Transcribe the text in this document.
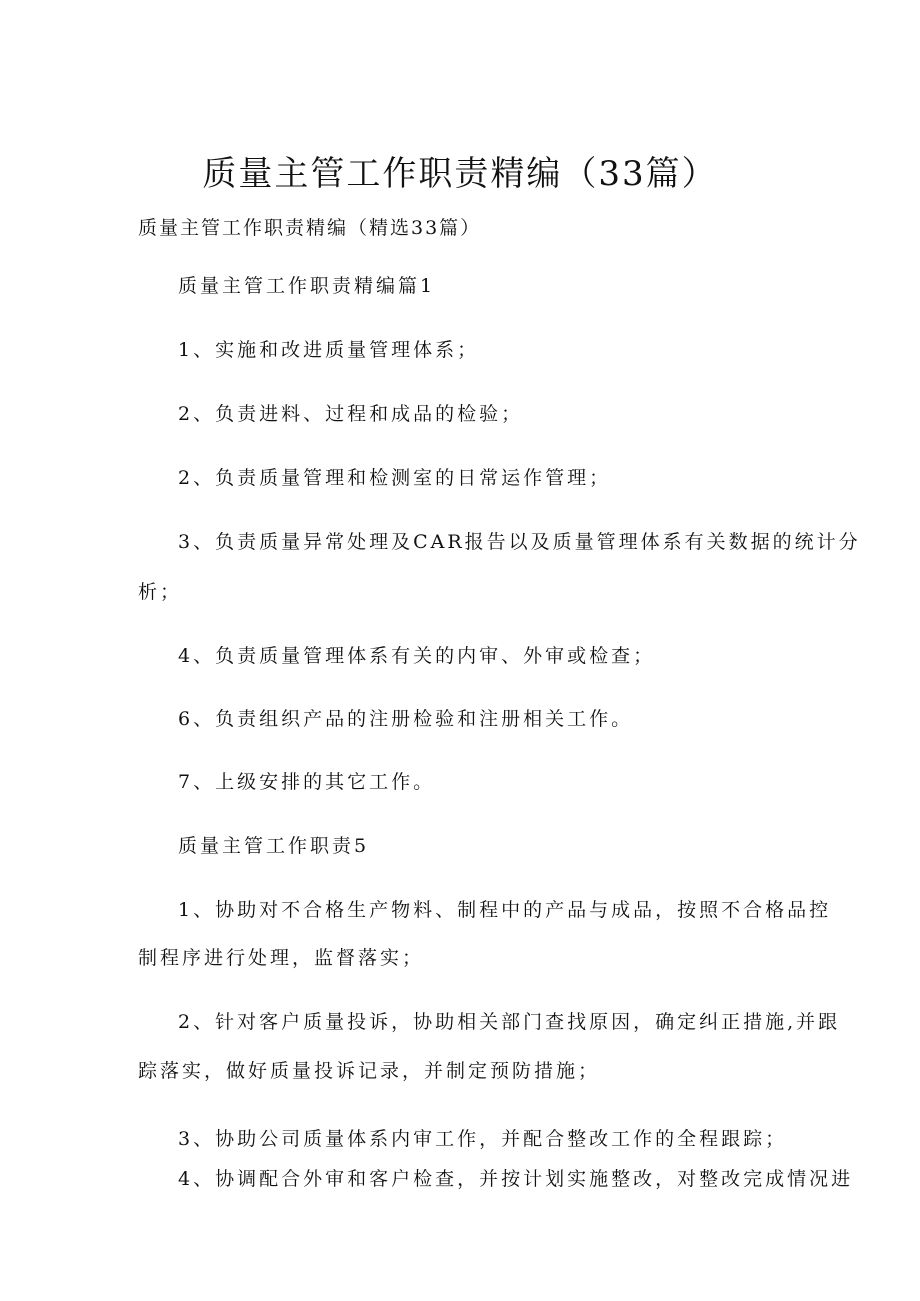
质量主管工作职责精编（33篇）
质量主管工作职责精编（精选33篇）
质量主管工作职责精编篇1
1、实施和改进质量管理体系；
2、负责进料、过程和成品的检验；
2、负责质量管理和检测室的日常运作管理；
3、负责质量异常处理及CAR报告以及质量管理体系有关数据的统计分
析；
4、负责质量管理体系有关的内审、外审或检查；
6、负责组织产品的注册检验和注册相关工作。
7、上级安排的其它工作。
质量主管工作职责5
1、协助对不合格生产物料、制程中的产品与成品，按照不合格品控
制程序进行处理，监督落实；
2、针对客户质量投诉，协助相关部门查找原因，确定纠正措施,并跟
踪落实，做好质量投诉记录，并制定预防措施；
3、协助公司质量体系内审工作，并配合整改工作的全程跟踪；
4、协调配合外审和客户检查，并按计划实施整改，对整改完成情况进
